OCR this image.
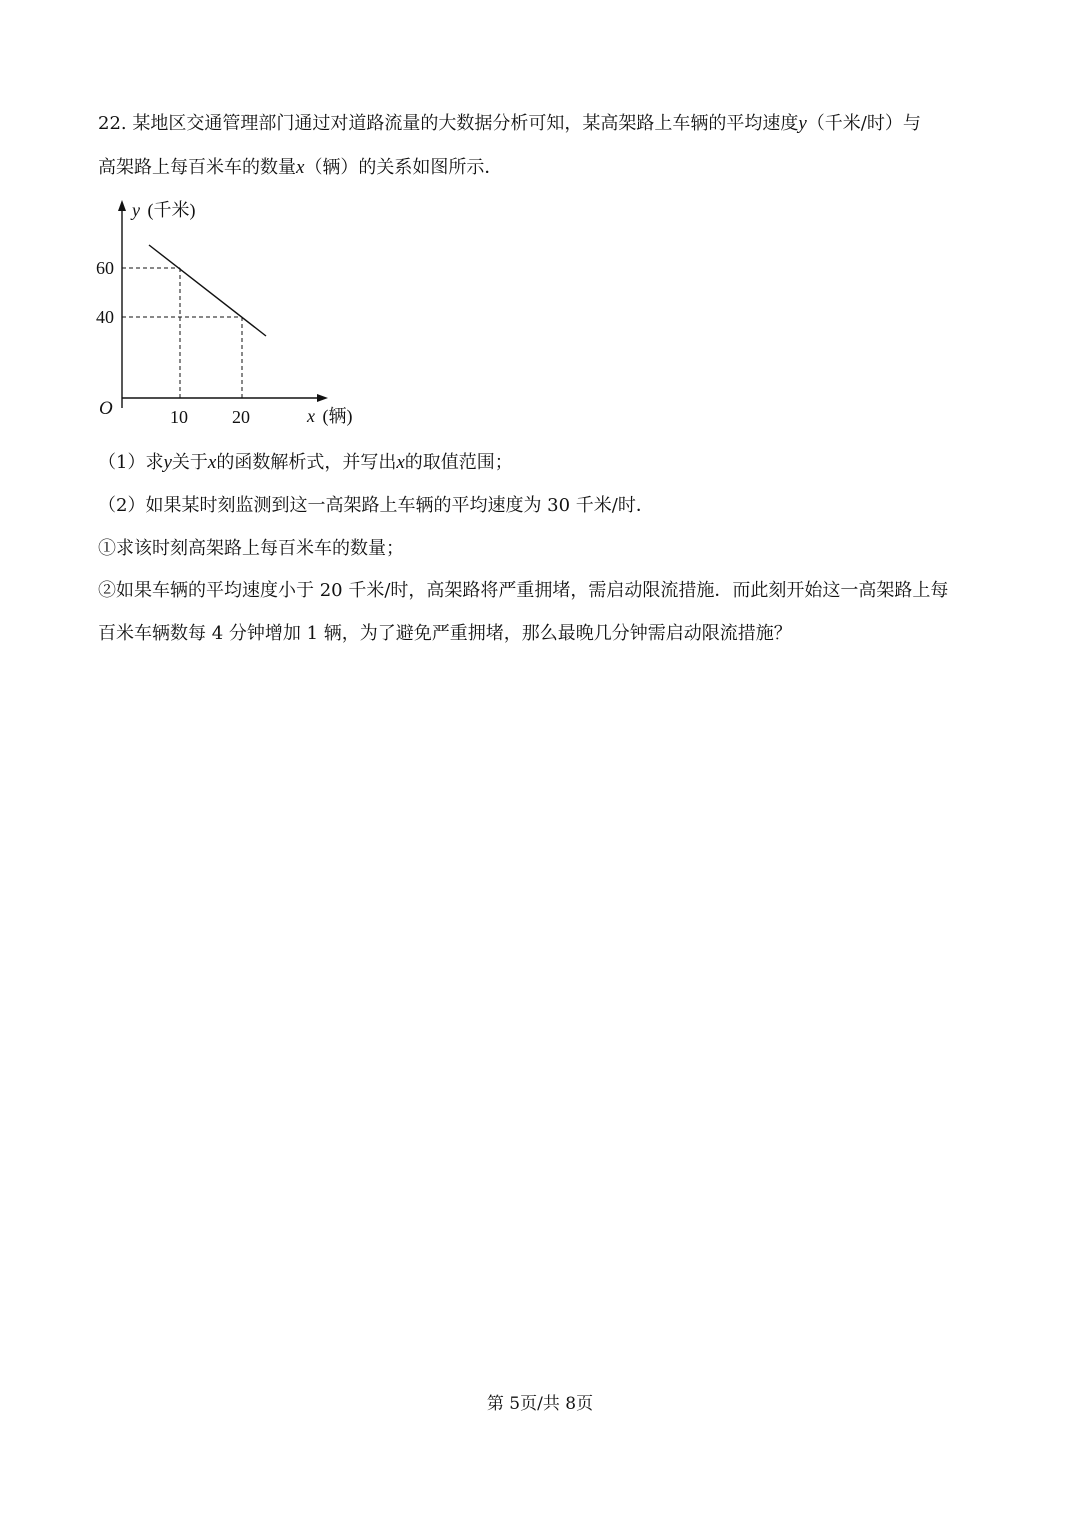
22. 某地区交通管理部门通过对道路流量的大数据分析可知，某高架路上车辆的平均速度y（千米/时）与
高架路上每百米车的数量x（辆）的关系如图所示．
y (千米)
60
40
O	10 20	x (辆)
（1）求y关于x的函数解析式，并写出x的取值范围；
（2）如果某时刻监测到这一高架路上车辆的平均速度为 30 千米/时．
①求该时刻高架路上每百米车的数量；
②如果车辆的平均速度小于 20 千米/时，高架路将严重拥堵，需启动限流措施．而此刻开始这一高架路上每
百米车辆数每 4 分钟增加 1 辆，为了避免严重拥堵，那么最晚几分钟需启动限流措施？
第 5页/共 8页
